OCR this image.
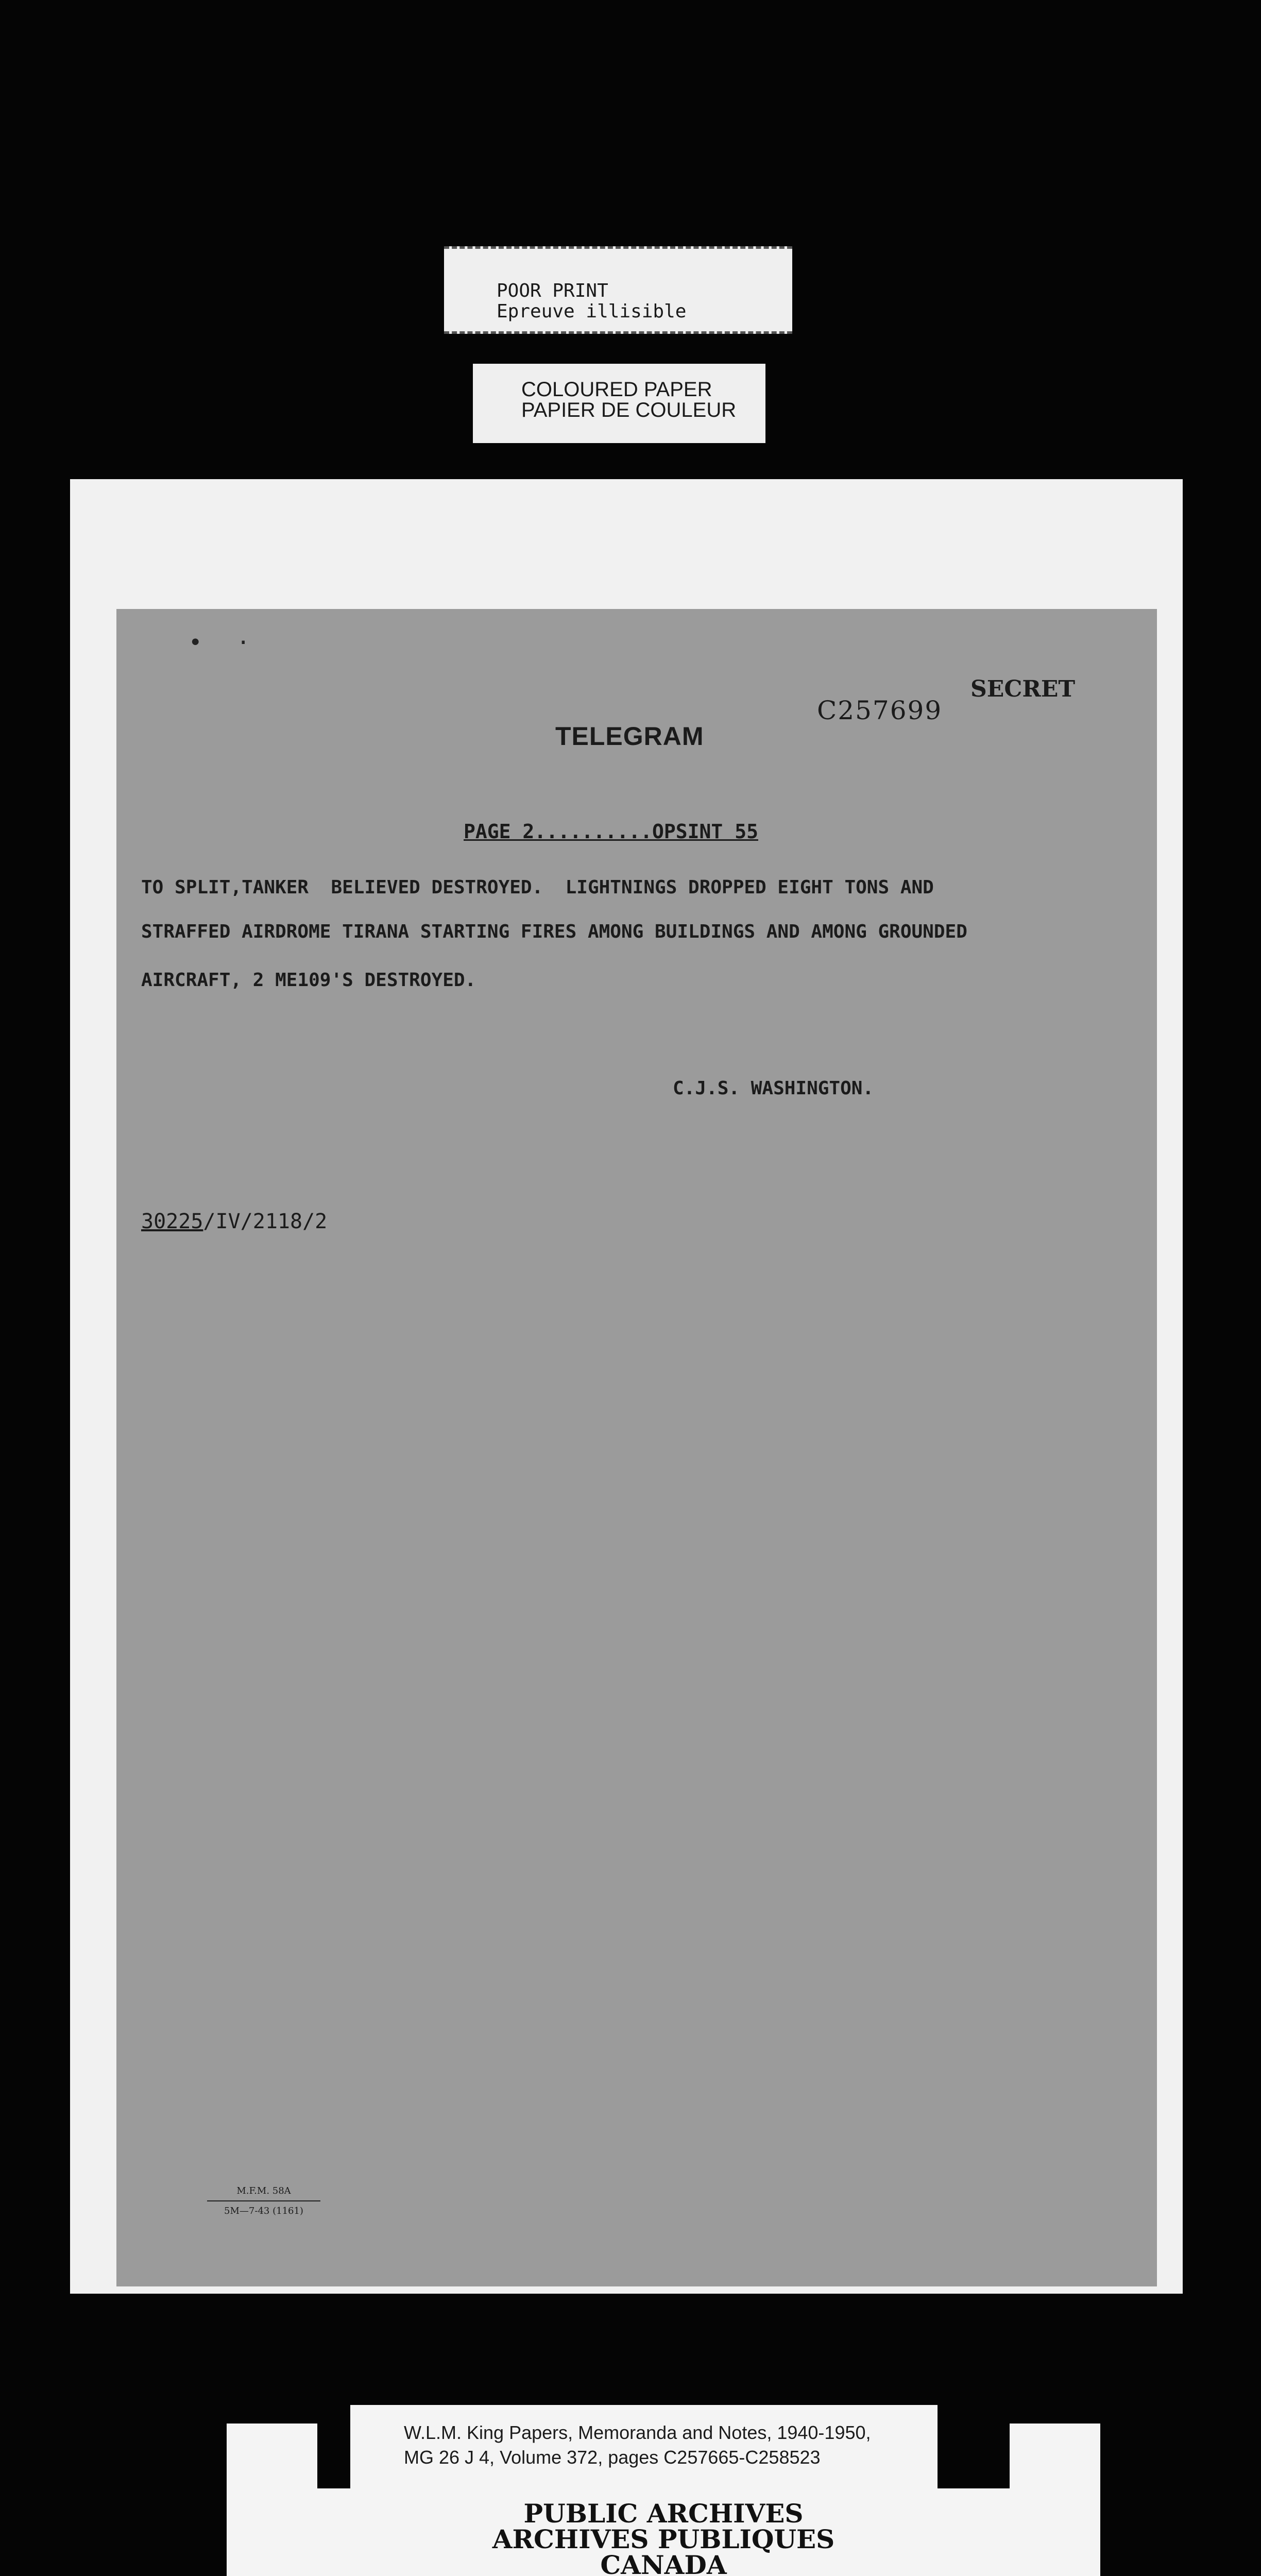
POOR PRINT
Epreuve illisible
COLOURED PAPER
PAPIER DE COULEUR
• ·
SECRET
C257699
TELEGRAM
PAGE 2..........OPSINT 55
TO SPLIT,TANKER  BELIEVED DESTROYED.  LIGHTNINGS DROPPED EIGHT TONS AND
STRAFFED AIRDROME TIRANA STARTING FIRES AMONG BUILDINGS AND AMONG GROUNDED
AIRCRAFT, 2 ME109'S DESTROYED.
C.J.S. WASHINGTON.
30225/IV/2118/2
M.F.M. 58A
5M—7-43 (1161)
W.L.M. King Papers, Memoranda and Notes, 1940-1950,
MG 26 J 4, Volume 372, pages C257665-C258523
PUBLIC ARCHIVES
ARCHIVES PUBLIQUES
CANADA
